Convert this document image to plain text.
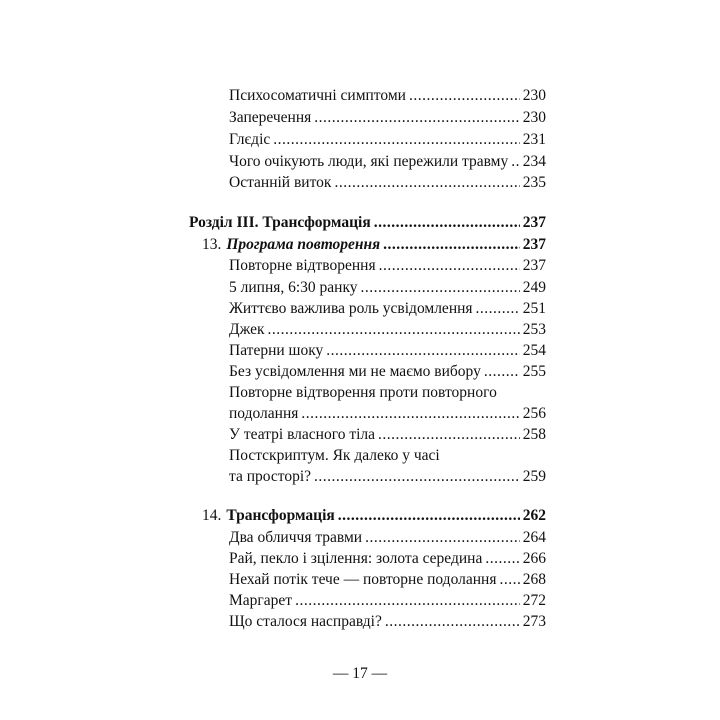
Психосоматичні симптоми .....	230
Заперечення .....	230
Глєдіс .....	231
Чого очікують люди, які пережили травму ..... 234
Останній виток .....	235
Розділ III. Трансформація .....	237
13. Програма повторення .....	237
Повторне відтворення .....	237
5 липня, 6:30 ранку .....	249
Життєво важлива роль усвідомлення .....	251
Джек .....	253
Патерни шоку .....	254
Без усвідомлення ми не маємо вибору .....	255
Повторне відтворення проти повторного
подолання .....	256
У театрі власного тіла .....	258
Постскриптум. Як далеко у часі
та просторі? .....	259
14. Трансформація .....	262
Два обличчя травми .....	264
Рай, пекло і зцілення: золота середина .....	266
Нехай потік тече — повторне подолання ..... 268
Маргарет .....	272
Що сталося насправді? .....	273
— 17 —
